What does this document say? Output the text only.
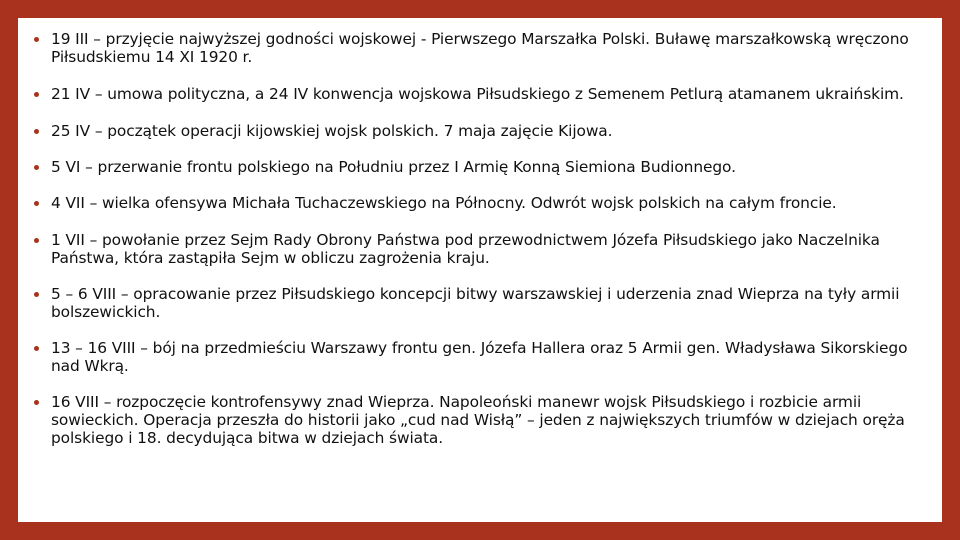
19 III – przyjęcie najwyższej godności wojskowej - Pierwszego Marszałka Polski. Buławę marszałkowską wręczono Piłsudskiemu 14 XI 1920 r.
21 IV – umowa polityczna, a 24 IV konwencja wojskowa Piłsudskiego z Semenem Petlurą atamanem ukraińskim.
25 IV – początek operacji kijowskiej wojsk polskich. 7 maja zajęcie Kijowa.
5 VI – przerwanie frontu polskiego na Południu przez I Armię Konną Siemiona Budionnego.
4 VII – wielka ofensywa Michała Tuchaczewskiego na Północny. Odwrót wojsk polskich na całym froncie.
1 VII – powołanie przez Sejm Rady Obrony Państwa pod przewodnictwem Józefa Piłsudskiego jako Naczelnika Państwa, która zastąpiła Sejm w obliczu zagrożenia kraju.
5 – 6 VIII – opracowanie przez Piłsudskiego koncepcji bitwy warszawskiej i uderzenia znad Wieprza na tyły armii bolszewickich.
13 – 16 VIII – bój na przedmieściu Warszawy frontu gen. Józefa Hallera oraz 5 Armii gen. Władysława Sikorskiego nad Wkrą.
16 VIII – rozpoczęcie kontrofensywy znad Wieprza. Napoleoński manewr wojsk Piłsudskiego i rozbicie armii sowieckich. Operacja przeszła do historii jako „cud nad Wisłą” – jeden z największych triumfów w dziejach oręża polskiego i 18. decydująca bitwa w dziejach świata.
